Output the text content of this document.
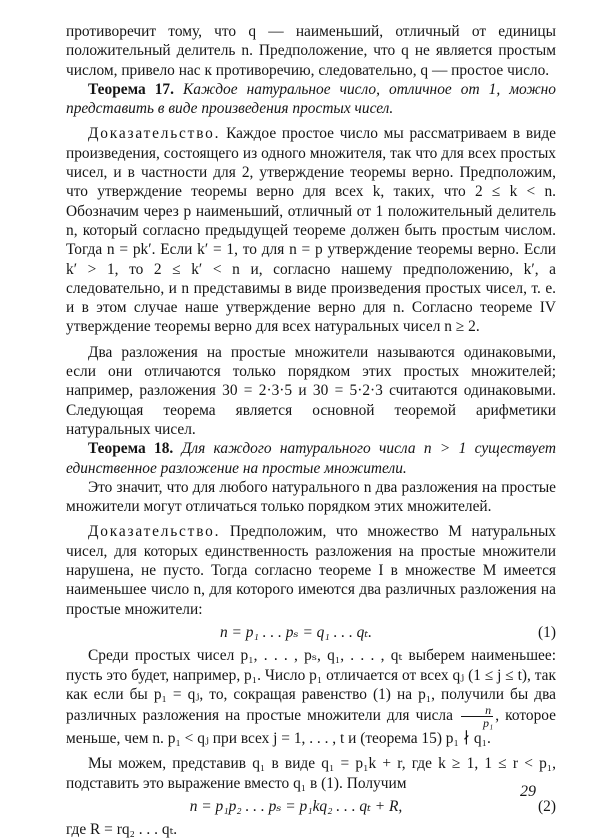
противоречит тому, что q — наименьший, отличный от единицы положительный делитель n. Предположение, что q не является простым числом, привело нас к противоречию, следовательно, q — простое число.

Теорема 17. Каждое натуральное число, отличное от 1, можно представить в виде произведения простых чисел.

Доказательство. Каждое простое число мы рассматриваем в виде произведения, состоящего из одного множителя, так что для всех простых чисел, и в частности для 2, утверждение теоремы верно. Предположим, что утверждение теоремы верно для всех k, таких, что 2 ≤ k < n. Обозначим через p наименьший, отличный от 1 положительный делитель n, который согласно предыдущей теореме должен быть простым числом. Тогда n = pk′. Если k′ = 1, то для n = p утверждение теоремы верно. Если k′ > 1, то 2 ≤ k′ < n и, согласно нашему предположению, k′, а следовательно, и n представимы в виде произведения простых чисел, т. е. и в этом случае наше утверждение верно для n. Согласно теореме IV утверждение теоремы верно для всех натуральных чисел n ≥ 2.

Два разложения на простые множители называются одинаковыми, если они отличаются только порядком этих простых множителей; например, разложения 30 = 2·3·5 и 30 = 5·2·3 считаются одинаковыми. Следующая теорема является основной теоремой арифметики натуральных чисел.

Теорема 18. Для каждого натурального числа n > 1 существует единственное разложение на простые множители.

Это значит, что для любого натурального n два разложения на простые множители могут отличаться только порядком этих множителей.

Доказательство. Предположим, что множество M натуральных чисел, для которых единственность разложения на простые множители нарушена, не пусто. Тогда согласно теореме I в множестве M имеется наименьшее число n, для которого имеются два различных разложения на простые множители:

n = p₁ . . . pₛ = q₁ . . . qₜ.	(1)

Среди простых чисел p₁, . . . , pₛ, q₁, . . . , qₜ выберем наименьшее: пусть это будет, например, p₁. Число p₁ отличается от всех qⱼ (1 ≤ j ≤ t), так как если бы p₁ = qⱼ, то, сокращая равенство (1) на p₁, получили бы два различных разложения на простые множители для числа $\frac{n}{\text{p₁}}$ , которое меньше, чем n. p₁ < qⱼ при всех j = 1, . . . , t и (теорема 15) p₁ ∤ q₁.

Мы можем, представив q₁ в виде q₁ = p₁k + r, где k ≥ 1, 1 ≤ r < p₁, подставить это выражение вместо q₁ в (1). Получим

n = p₁p₂ . . . pₛ = p₁kq₂ . . . qₜ + R,	(2)

где R = rq₂ . . . qₜ.

29
